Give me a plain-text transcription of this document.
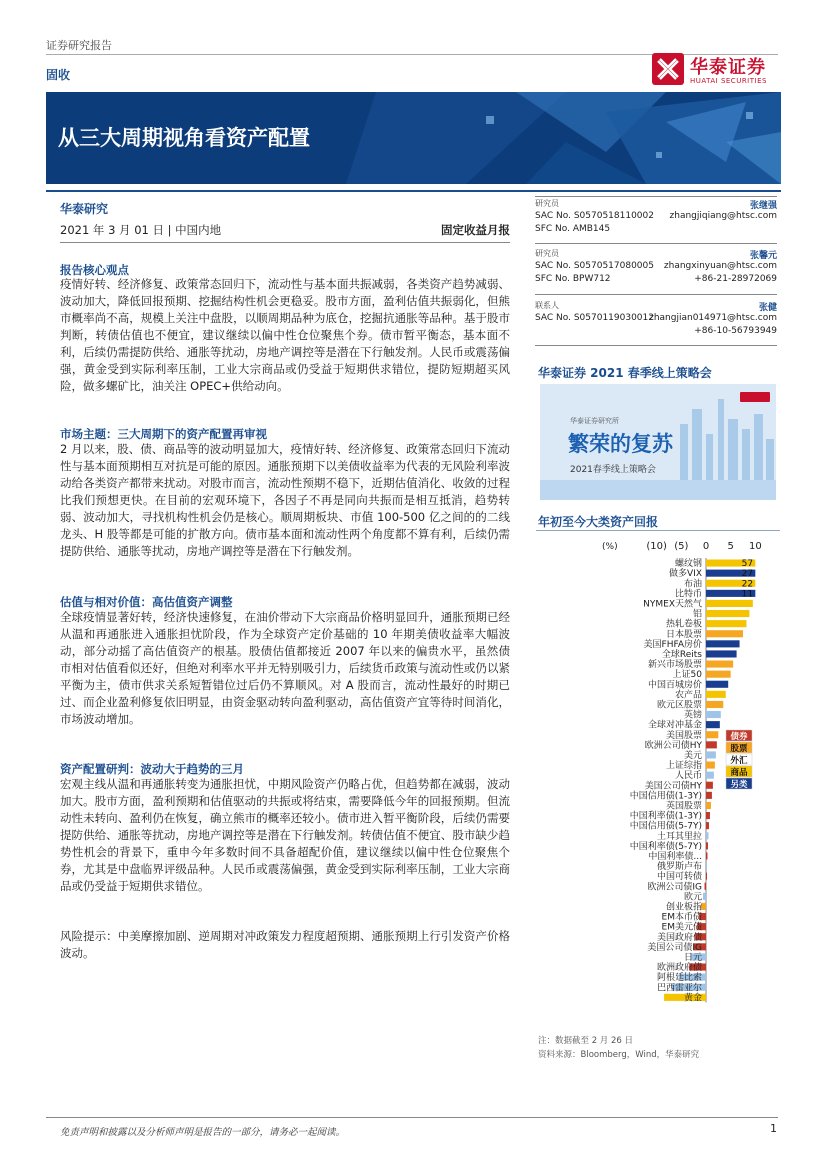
证券研究报告
固收	华泰证券
HUATAI SECURITIES
从三大周期视角看资产配置
华泰研究
2021 年 3 月 01 日 | 中国内地	固定收益月报
报告核心观点
疫情好转、经济修复、政策常态回归下，流动性与基本面共振减弱，各类资产趋势减弱、波动加大，降低回报预期、挖掘结构性机会更稳妥。股市方面，盈利估值共振弱化，但熊市概率尚不高，规模上关注中盘股，以顺周期品种为底仓，挖掘抗通胀等品种。基于股市判断，转债估值也不便宜，建议继续以偏中性仓位聚焦个券。债市暂平衡态，基本面不利，后续仍需提防供给、通胀等扰动，房地产调控等是潜在下行触发剂。人民币或震荡偏强，黄金受到实际利率压制，工业大宗商品或仍受益于短期供求错位，提防短期超买风险，做多螺矿比，油关注 OPEC+供给动向。
市场主题：三大周期下的资产配置再审视
2 月以来，股、债、商品等的波动明显加大，疫情好转、经济修复、政策常态回归下流动性与基本面预期相互对抗是可能的原因。通胀预期下以美债收益率为代表的无风险利率波动给各类资产都带来扰动。对股市而言，流动性预期不稳下，近期估值消化、收敛的过程比我们预想更快。在目前的宏观环境下，各因子不再是同向共振而是相互抵消，趋势转弱、波动加大，寻找机构性机会仍是核心。顺周期板块、市值 100-500 亿之间的的二线龙头、H 股等都是可能的扩散方向。债市基本面和流动性两个角度都不算有利，后续仍需提防供给、通胀等扰动，房地产调控等是潜在下行触发剂。
估值与相对价值：高估值资产调整
全球疫情显著好转，经济快速修复，在油价带动下大宗商品价格明显回升，通胀预期已经从温和再通胀进入通胀担忧阶段，作为全球资产定价基础的 10 年期美债收益率大幅波动，部分动摇了高估值资产的根基。股债估值都接近 2007 年以来的偏贵水平，虽然债市相对估值看似还好，但绝对利率水平并无特别吸引力，后续货币政策与流动性或仍以紧平衡为主，债市供求关系短暂错位过后仍不算顺风。对 A 股而言，流动性最好的时期已过、而企业盈利修复依旧明显，由资金驱动转向盈利驱动，高估值资产宜等待时间消化，市场波动增加。
资产配置研判：波动大于趋势的三月
宏观主线从温和再通胀转变为通胀担忧，中期风险资产仍略占优，但趋势都在减弱，波动加大。股市方面，盈利预期和估值驱动的共振或将结束，需要降低今年的回报预期。但流动性未转向、盈利仍在恢复，确立熊市的概率还较小。债市进入暂平衡阶段，后续仍需要提防供给、通胀等扰动，房地产调控等是潜在下行触发剂。转债估值不便宜、股市缺少趋势性机会的背景下，重申今年多数时间不具备超配价值，建议继续以偏中性仓位聚焦个券，尤其是中盘临界评级品种。人民币或震荡偏强，黄金受到实际利率压制，工业大宗商品或仍受益于短期供求错位。
风险提示：中美摩擦加剧、逆周期对冲政策发力程度超预期、通胀预期上行引发资产价格波动。
研究员	张继强
SAC No. S0570518110002 zhangjiqiang@htsc.com
SFC No. AMB145
研究员	张馨元
SAC No. S0570517080005 zhangxinyuan@htsc.com
SFC No. BPW712	+86-21-28972069
联系人	张健
SAC No. S0570119030012
zhangjian014971@htsc.com
+86-10-56793949
华泰证券 2021 春季线上策略会
华泰证券研究所
繁荣的复苏
2021春季线上策略会
年初至今大类资产回报
(%)	(10) (5) 0 5 10
螺纹钢
做多VIX
布油
比特币
NYMEX天然气
铝
热轧卷板
日本股票
美国FHFA房价
全球Reits
新兴市场股票
上证50
中国百城房价
农产品
欧元区股票
英镑
全球对冲基金
美国股票
欧洲公司债HY
美元
上证综指
人民币
美国公司债HY
中国信用债(1-3Y)
英国股票
中国利率债(1-3Y)
中国信用债(5-7Y)
土耳其里拉
中国利率债(5-7Y)
中国利率债...
俄罗斯卢布
中国可转债
欧洲公司债IG
欧元
创业板指
EM本币债
EM美元债
美国政府债
美国公司债IG
日元
欧洲政府债
阿根廷比索
巴西雷亚尔
黄金
57
27
22
11
债券
股票
外汇
商品
另类
注：数据截至 2 月 26 日
资料来源：Bloomberg，Wind，华泰研究
免责声明和披露以及分析师声明是报告的一部分，请务必一起阅读。	1
